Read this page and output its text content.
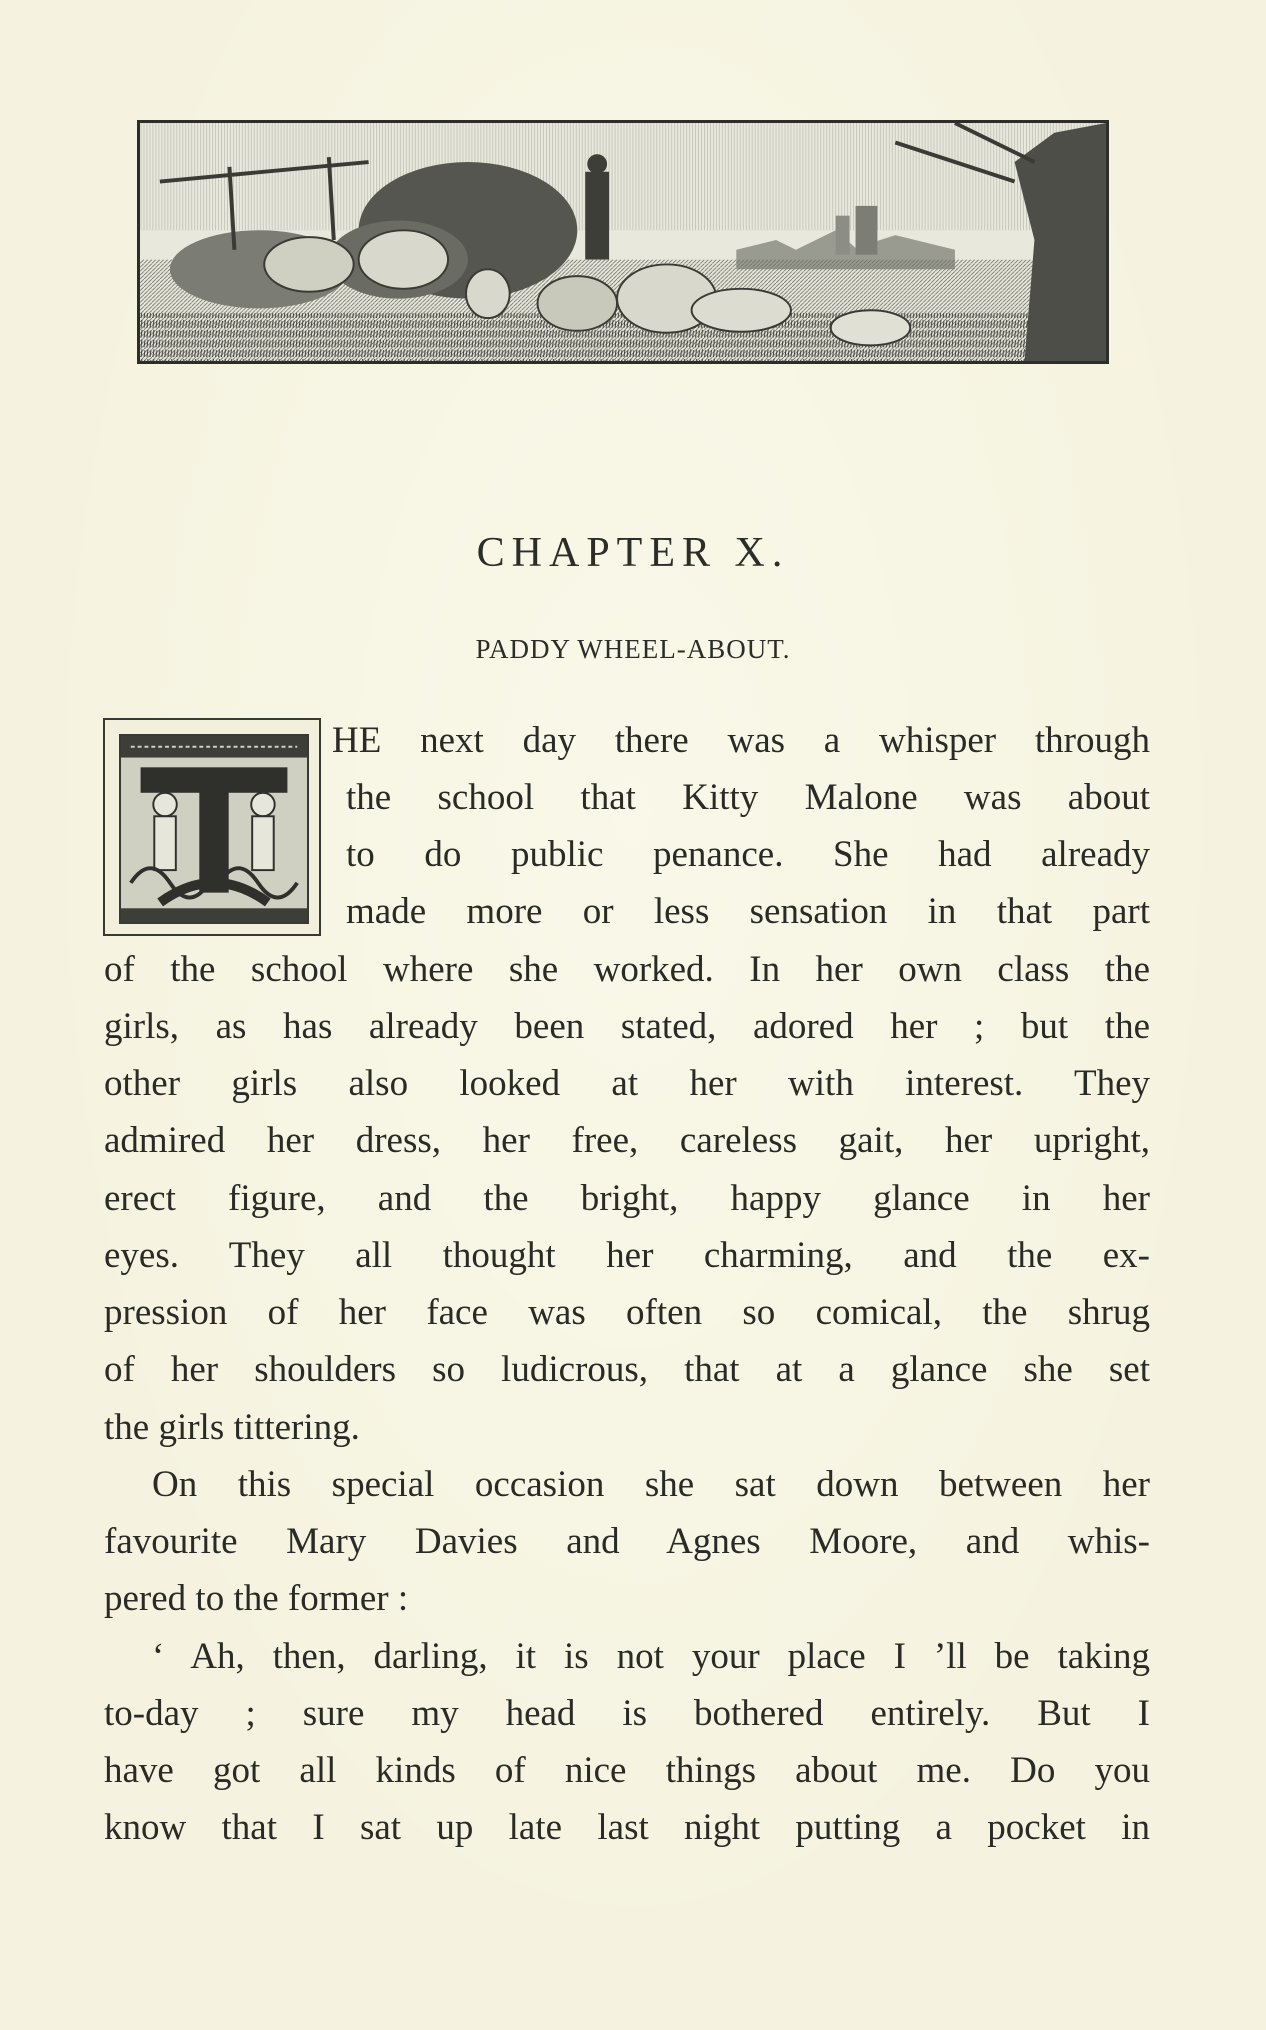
CHAPTER X.
PADDY WHEEL-ABOUT.
HE next day there was a whisper through
the school that Kitty Malone was about
to do public penance. She had already
made more or less sensation in that part
of the school where she worked. In her own class the
girls, as has already been stated, adored her ; but the
other girls also looked at her with interest. They
admired her dress, her free, careless gait, her upright,
erect figure, and the bright, happy glance in her
eyes. They all thought her charming, and the ex-
pression of her face was often so comical, the shrug
of her shoulders so ludicrous, that at a glance she set
the girls tittering.
On this special occasion she sat down between her
favourite Mary Davies and Agnes Moore, and whis-
pered to the former :
‘ Ah, then, darling, it is not your place I ’ll be taking
to-day ; sure my head is bothered entirely. But I
have got all kinds of nice things about me. Do you
know that I sat up late last night putting a pocket in
